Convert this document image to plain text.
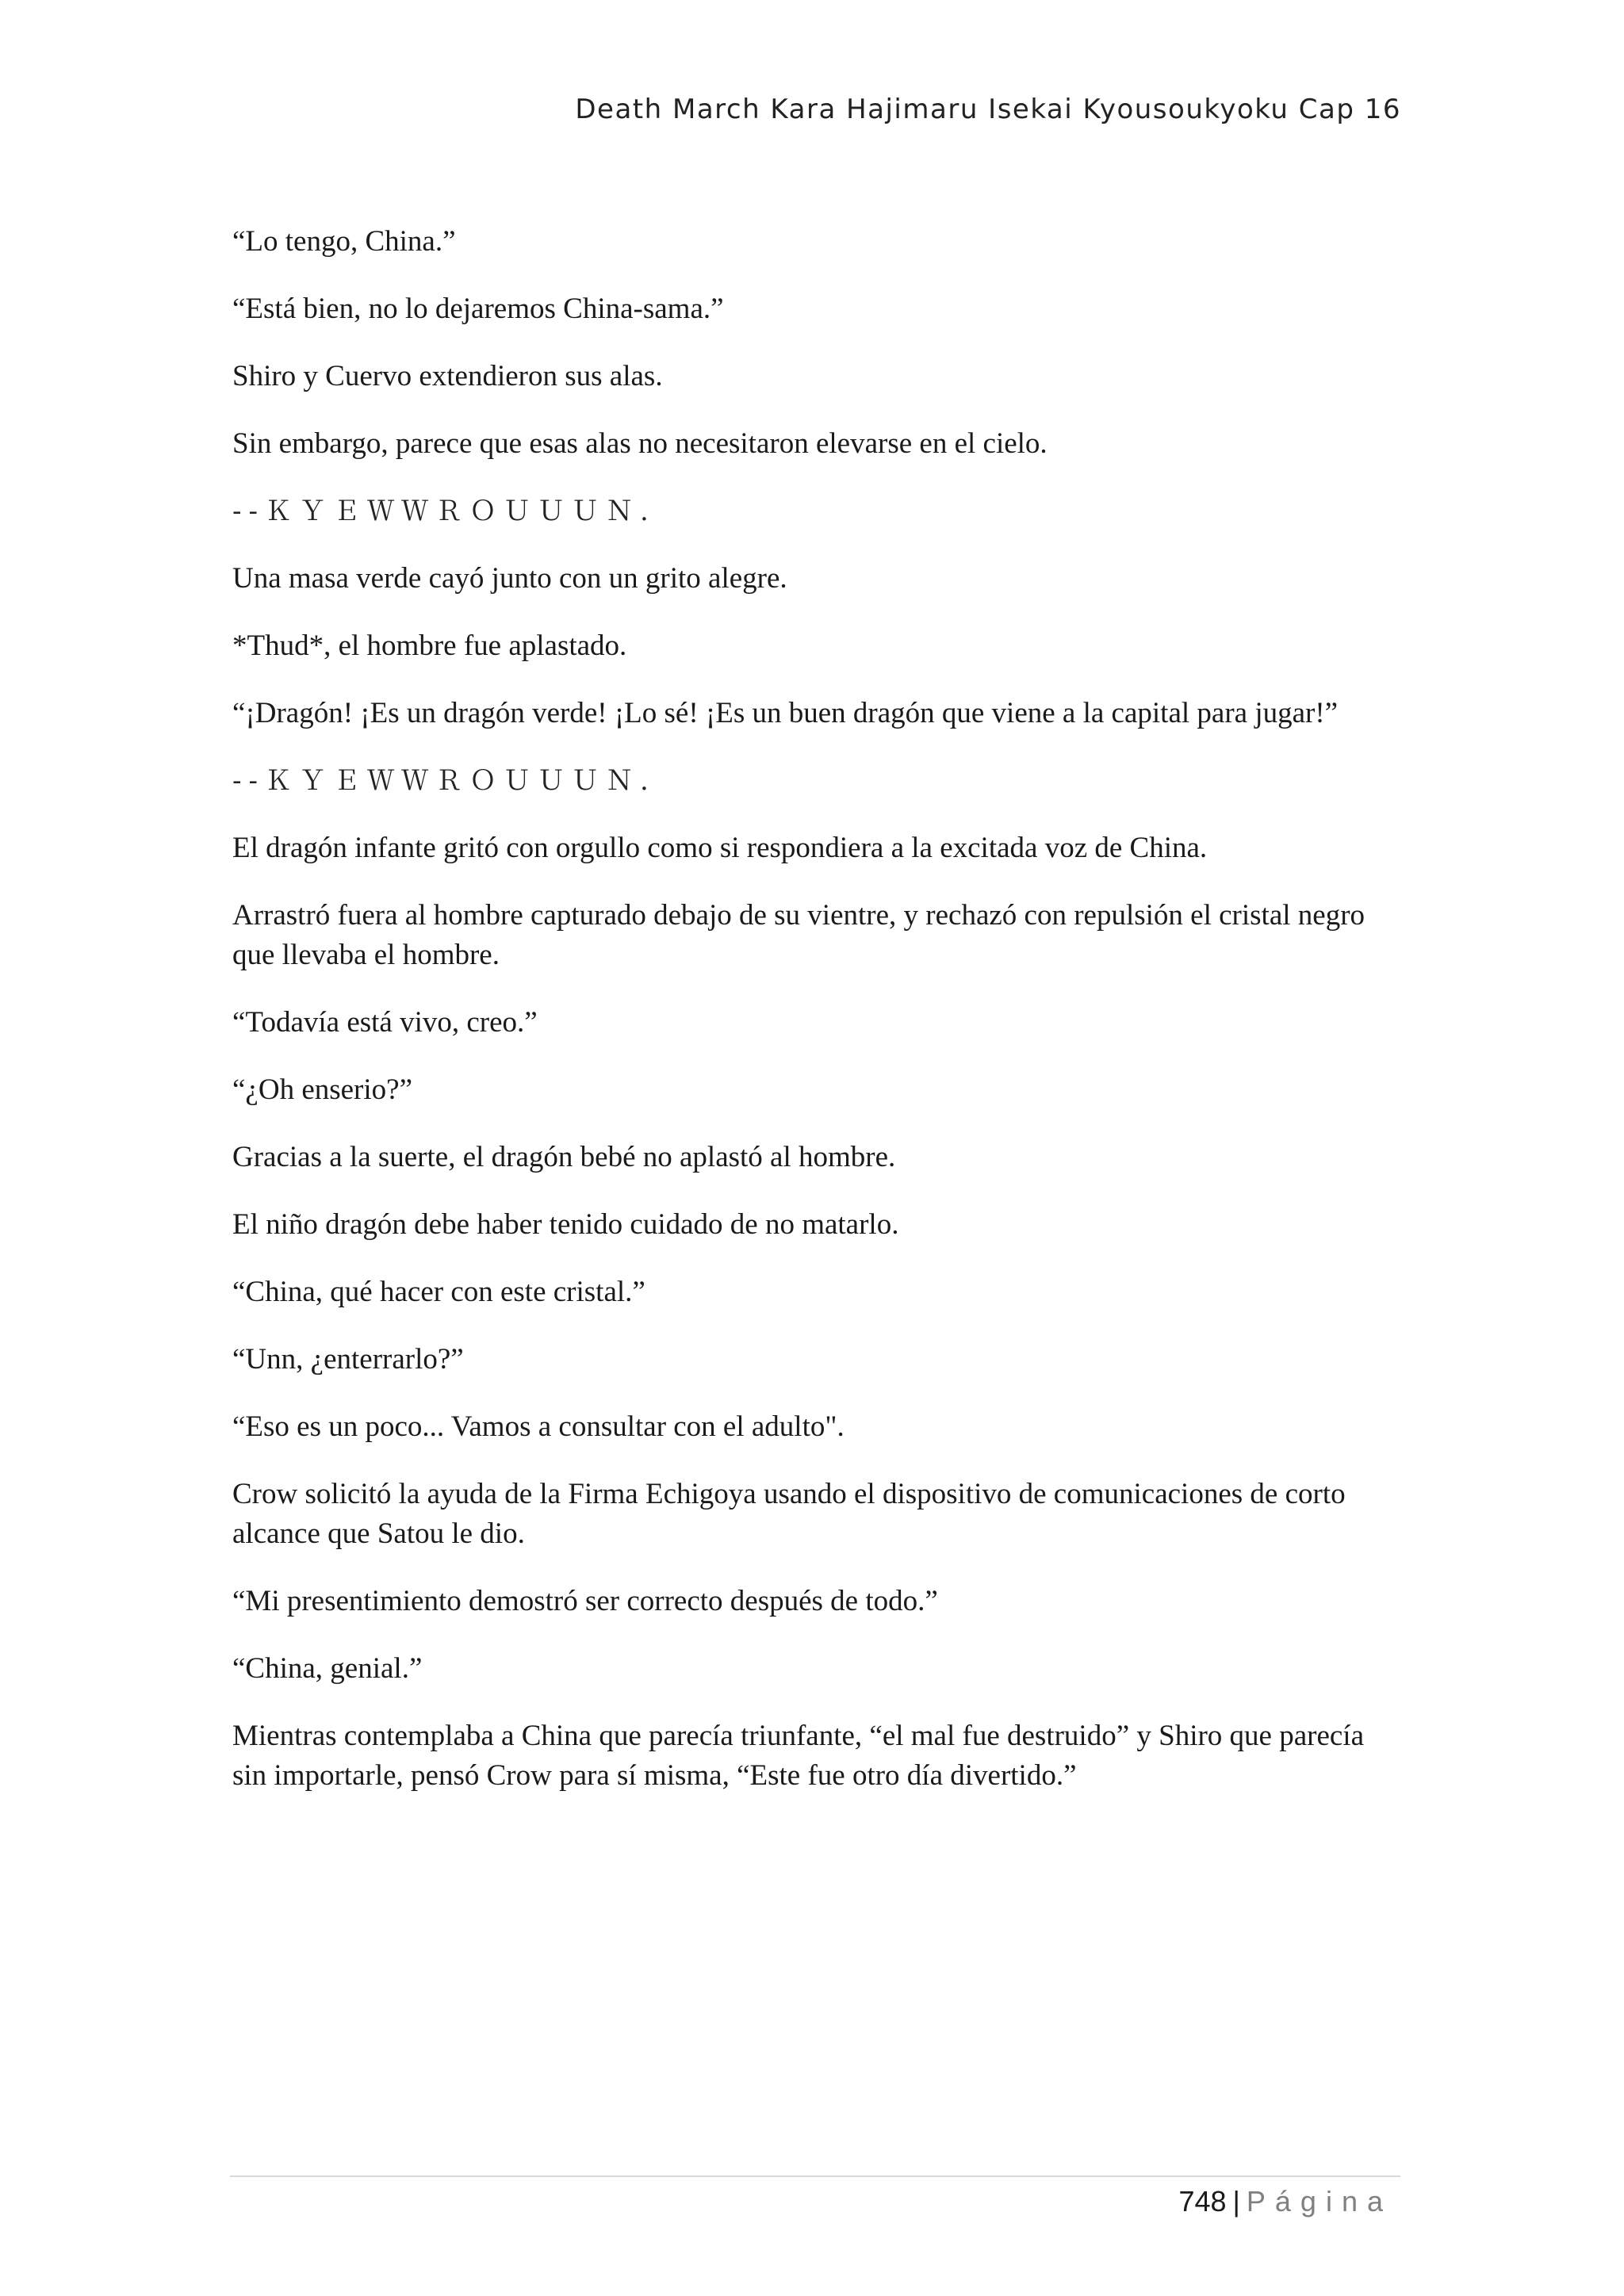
Death March Kara Hajimaru Isekai Kyousoukyoku Cap 16

“Lo tengo, China.”

“Está bien, no lo dejaremos China-sama.”

Shiro y Cuervo extendieron sus alas.

Sin embargo, parece que esas alas no necesitaron elevarse en el cielo.

--ＫＹＥＷＷＲＯＵＵＵＮ.

Una masa verde cayó junto con un grito alegre.

*Thud*, el hombre fue aplastado.

“¡Dragón! ¡Es un dragón verde! ¡Lo sé! ¡Es un buen dragón que viene a la capital para jugar!”

--ＫＹＥＷＷＲＯＵＵＵＮ.

El dragón infante gritó con orgullo como si respondiera a la excitada voz de China.

Arrastró fuera al hombre capturado debajo de su vientre, y rechazó con repulsión el cristal negro que llevaba el hombre.

“Todavía está vivo, creo.”

“¿Oh enserio?”

Gracias a la suerte, el dragón bebé no aplastó al hombre.

El niño dragón debe haber tenido cuidado de no matarlo.

“China, qué hacer con este cristal.”

“Unn, ¿enterrarlo?”

“Eso es un poco... Vamos a consultar con el adulto".

Crow solicitó la ayuda de la Firma Echigoya usando el dispositivo de comunicaciones de corto alcance que Satou le dio.

“Mi presentimiento demostró ser correcto después de todo.”

“China, genial.”

Mientras contemplaba a China que parecía triunfante, “el mal fue destruido” y Shiro que parecía sin importarle, pensó Crow para sí misma, “Este fue otro día divertido.”

748 | Página
